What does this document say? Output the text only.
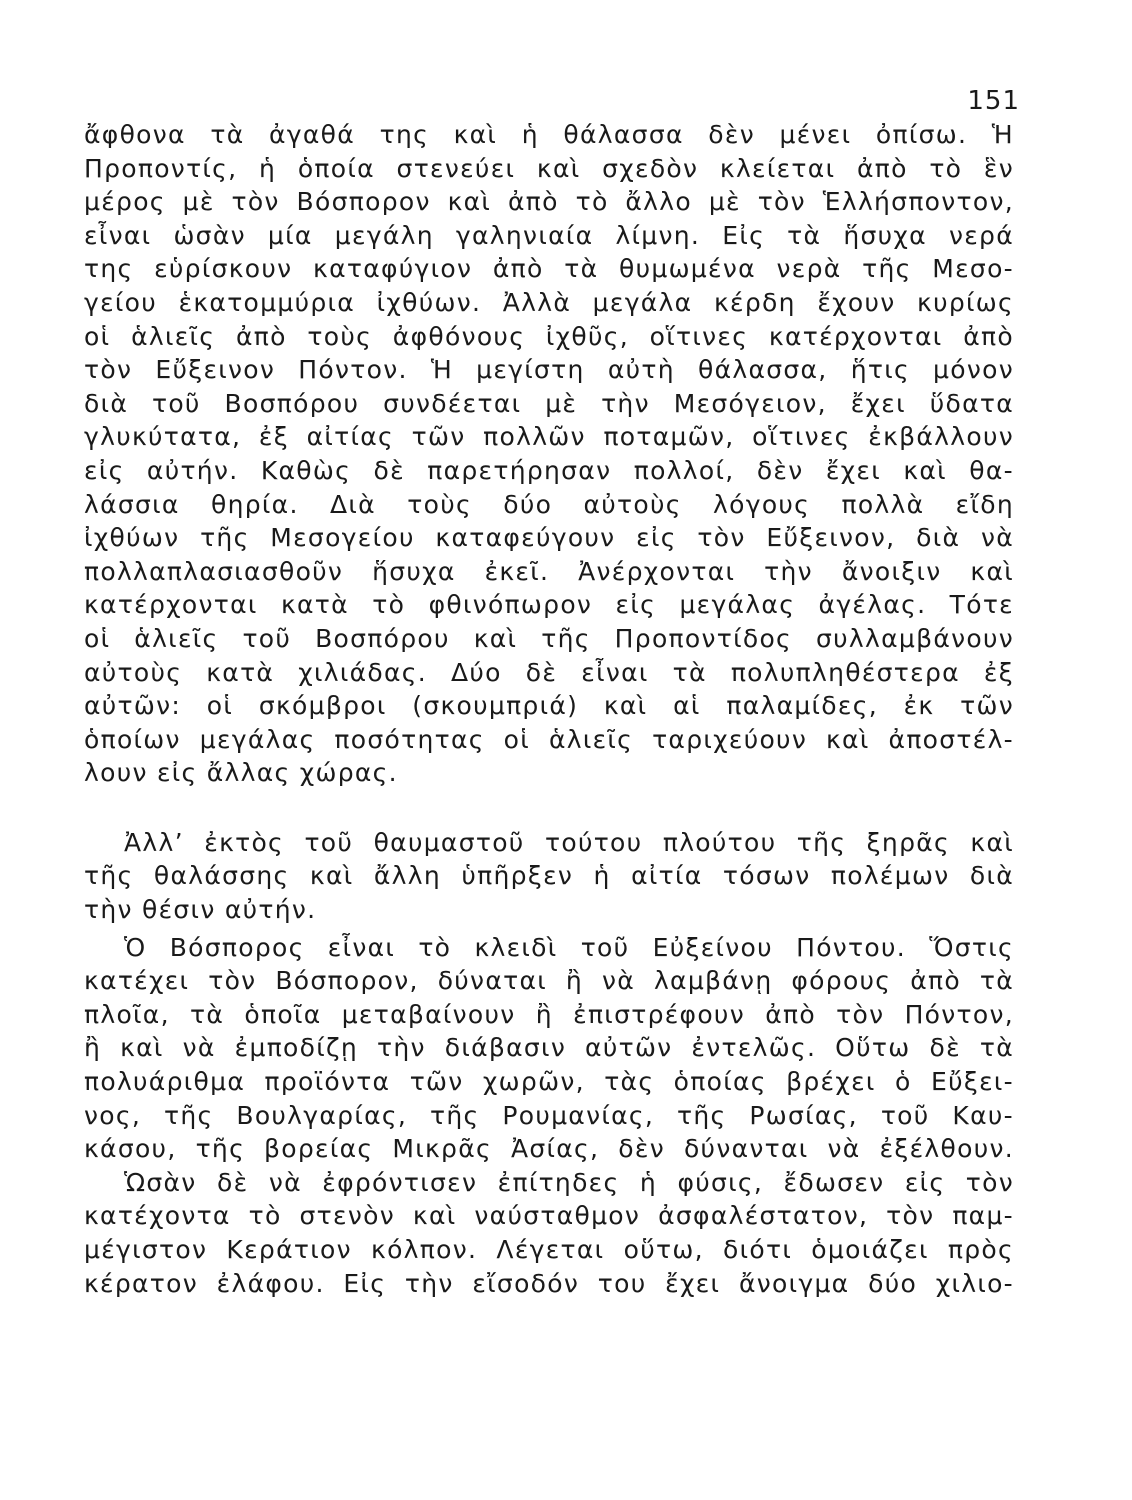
151
ἄφθονα τὰ ἀγαθά της καὶ ἡ θάλασσα δὲν μένει ὀπίσω. Ἡ
Προποντίς, ἡ ὁποία στενεύει καὶ σχεδὸν κλείεται ἀπὸ τὸ ἓν
μέρος μὲ τὸν Βόσπορον καὶ ἀπὸ τὸ ἄλλο μὲ τὸν Ἑλλήσποντον,
εἶναι ὡσὰν μία μεγάλη γαληνιαία λίμνη. Εἰς τὰ ἥσυχα νερά
της εὑρίσκουν καταφύγιον ἀπὸ τὰ θυμωμένα νερὰ τῆς Μεσο-
γείου ἑκατομμύρια ἰχθύων. Ἀλλὰ μεγάλα κέρδη ἔχουν κυρίως
οἱ ἁλιεῖς ἀπὸ τοὺς ἀφθόνους ἰχθῦς, οἵτινες κατέρχονται ἀπὸ
τὸν Εὔξεινον Πόντον. Ἡ μεγίστη αὐτὴ θάλασσα, ἥτις μόνον
διὰ τοῦ Βοσπόρου συνδέεται μὲ τὴν Μεσόγειον, ἔχει ὕδατα
γλυκύτατα, ἐξ αἰτίας τῶν πολλῶν ποταμῶν, οἵτινες ἐκβάλλουν
εἰς αὐτήν. Καθὼς δὲ παρετήρησαν πολλοί, δὲν ἔχει καὶ θα-
λάσσια θηρία. Διὰ τοὺς δύο αὐτοὺς λόγους πολλὰ εἴδη
ἰχθύων τῆς Μεσογείου καταφεύγουν εἰς τὸν Εὔξεινον, διὰ νὰ
πολλαπλασιασθοῦν ἥσυχα ἐκεῖ. Ἀνέρχονται τὴν ἄνοιξιν καὶ
κατέρχονται κατὰ τὸ φθινόπωρον εἰς μεγάλας ἀγέλας. Τότε
οἱ ἁλιεῖς τοῦ Βοσπόρου καὶ τῆς Προποντίδος συλλαμβάνουν
αὐτοὺς κατὰ χιλιάδας. Δύο δὲ εἶναι τὰ πολυπληθέστερα ἐξ
αὐτῶν: οἱ σκόμβροι (σκουμπριά) καὶ αἱ παλαμίδες, ἐκ τῶν
ὁποίων μεγάλας ποσότητας οἱ ἁλιεῖς ταριχεύουν καὶ ἀποστέλ-
λουν εἰς ἄλλας χώρας.
Ἀλλ’ ἐκτὸς τοῦ θαυμαστοῦ τούτου πλούτου τῆς ξηρᾶς καὶ
τῆς θαλάσσης καὶ ἄλλη ὑπῆρξεν ἡ αἰτία τόσων πολέμων διὰ
τὴν θέσιν αὐτήν.
Ὁ Βόσπορος εἶναι τὸ κλειδὶ τοῦ Εὐξείνου Πόντου. Ὅστις
κατέχει τὸν Βόσπορον, δύναται ἢ νὰ λαμβάνῃ φόρους ἀπὸ τὰ
πλοῖα, τὰ ὁποῖα μεταβαίνουν ἢ ἐπιστρέφουν ἀπὸ τὸν Πόντον,
ἢ καὶ νὰ ἐμποδίζῃ τὴν διάβασιν αὐτῶν ἐντελῶς. Οὕτω δὲ τὰ
πολυάριθμα προϊόντα τῶν χωρῶν, τὰς ὁποίας βρέχει ὁ Εὔξει-
νος, τῆς Βουλγαρίας, τῆς Ρουμανίας, τῆς Ρωσίας, τοῦ Καυ-
κάσου, τῆς βορείας Μικρᾶς Ἀσίας, δὲν δύνανται νὰ ἐξέλθουν.
Ὡσὰν δὲ νὰ ἐφρόντισεν ἐπίτηδες ἡ φύσις, ἔδωσεν εἰς τὸν
κατέχοντα τὸ στενὸν καὶ ναύσταθμον ἀσφαλέστατον, τὸν παμ-
μέγιστον Κεράτιον κόλπον. Λέγεται οὕτω, διότι ὁμοιάζει πρὸς
κέρατον ἐλάφου. Εἰς τὴν εἴσοδόν του ἔχει ἄνοιγμα δύο χιλιο-
